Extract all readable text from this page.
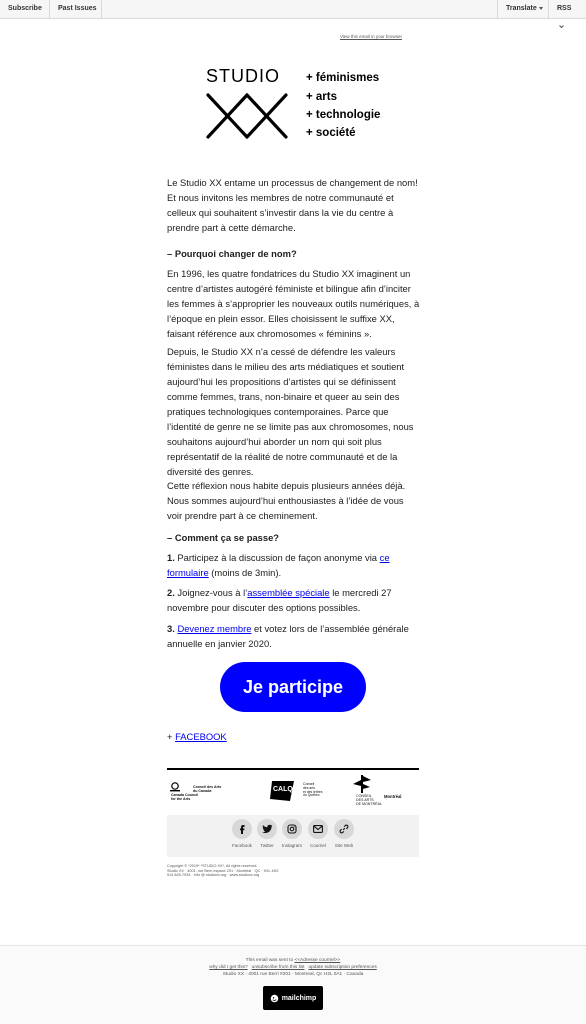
Subscribe	Past Issues	Translate	RSS
View this email in your browser
STUDIO + féminismes
+ arts
+ technologie
+ société

Le Studio XX entame un processus de changement de nom! Et nous invitons les membres de notre communauté et celleux qui souhaitent s’investir dans la vie du centre à prendre part à cette démarche.

– Pourquoi changer de nom?

En 1996, les quatre fondatrices du Studio XX imaginent un centre d’artistes autogéré féministe et bilingue afin d’inciter les femmes à s’approprier les nouveaux outils numériques, à l’époque en plein essor. Elles choisissent le suffixe XX, faisant référence aux chromosomes « féminins ».

Depuis, le Studio XX n’a cessé de défendre les valeurs féministes dans le milieu des arts médiatiques et soutient aujourd’hui les propositions d’artistes qui se définissent comme femmes, trans, non-binaire et queer au sein des pratiques technologiques contemporaines. Parce que l’identité de genre ne se limite pas aux chromosomes, nous souhaitons aujourd’hui aborder un nom qui soit plus représentatif de la réalité de notre communauté et de la diversité des genres.

Cette réflexion nous habite depuis plusieurs années déjà. Nous sommes aujourd’hui enthousiastes à l’idée de vous voir prendre part à ce cheminement.

– Comment ça se passe?

1. Participez à la discussion de façon anonyme via ce formulaire (moins de 3min).

2. Joignez-vous à l’assemblée spéciale le mercredi 27 novembre pour discuter des options possibles.

3. Devenez membre et votez lors de l’assemblée générale annuelle en janvier 2020.

Je participe
+ FACEBOOK
Canada Council
for the Arts
Conseil des Arts
du Canada	CALQ
Conseil
des arts
et des lettres
du Québec	CONSEIL
DES ARTS
DE MONTRÉAL
Montréal
Facebook	Twitter	Instagram	Courriel	Site Web
Copyright © *2019* *STUDIO XX*, All rights reserved.
Studio XX · 4001, rue Berri espace 201 · Montréal · QC · H2L 4H2
514 845-7934 · info @ studioxx.org · www.studioxx.org
This email was sent to <<Adresse courriel>>
why did I get this? unsubscribe from this list update subscription preferences
Studio XX · 4001 rue Berri #201 · Montreal, Qc H2L 0A1 · Canada
mailchimp
